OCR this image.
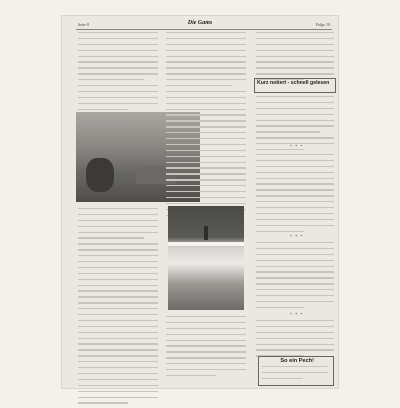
Seite 8	Die Gams	Folge 19
Kurz notiert - schnell gelesen
* * *
* * *
* * *
So ein Pech!
